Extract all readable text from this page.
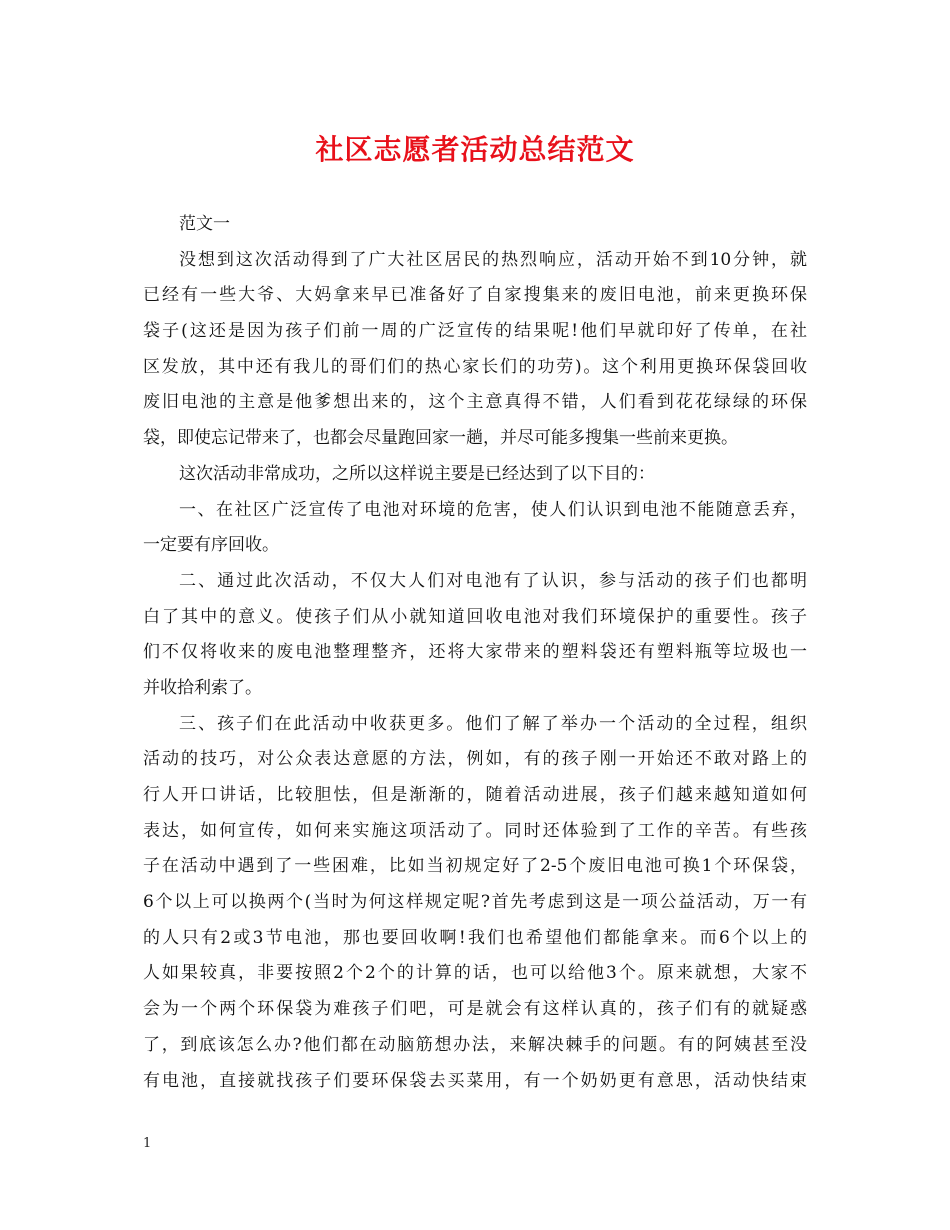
社区志愿者活动总结范文
范文一
没想到这次活动得到了广大社区居民的热烈响应，活动开始不到10分钟，就
已经有一些大爷、大妈拿来早已准备好了自家搜集来的废旧电池，前来更换环保
袋子(这还是因为孩子们前一周的广泛宣传的结果呢!他们早就印好了传单，在社
区发放，其中还有我儿的哥们们的热心家长们的功劳)。这个利用更换环保袋回收
废旧电池的主意是他爹想出来的，这个主意真得不错，人们看到花花绿绿的环保
袋，即使忘记带来了，也都会尽量跑回家一趟，并尽可能多搜集一些前来更换。
这次活动非常成功，之所以这样说主要是已经达到了以下目的：
一、在社区广泛宣传了电池对环境的危害，使人们认识到电池不能随意丢弃，
一定要有序回收。
二、通过此次活动，不仅大人们对电池有了认识，参与活动的孩子们也都明
白了其中的意义。使孩子们从小就知道回收电池对我们环境保护的重要性。孩子
们不仅将收来的废电池整理整齐，还将大家带来的塑料袋还有塑料瓶等垃圾也一
并收拾利索了。
三、孩子们在此活动中收获更多。他们了解了举办一个活动的全过程，组织
活动的技巧，对公众表达意愿的方法，例如，有的孩子刚一开始还不敢对路上的
行人开口讲话，比较胆怯，但是渐渐的，随着活动进展，孩子们越来越知道如何
表达，如何宣传，如何来实施这项活动了。同时还体验到了工作的辛苦。有些孩
子在活动中遇到了一些困难，比如当初规定好了2-5个废旧电池可换1个环保袋，
6个以上可以换两个(当时为何这样规定呢?首先考虑到这是一项公益活动，万一有
的人只有2或3节电池，那也要回收啊!我们也希望他们都能拿来。而6个以上的
人如果较真，非要按照2个2个的计算的话，也可以给他3个。原来就想，大家不
会为一个两个环保袋为难孩子们吧，可是就会有这样认真的，孩子们有的就疑惑
了，到底该怎么办?他们都在动脑筋想办法，来解决棘手的问题。有的阿姨甚至没
有电池，直接就找孩子们要环保袋去买菜用，有一个奶奶更有意思，活动快结束
1
